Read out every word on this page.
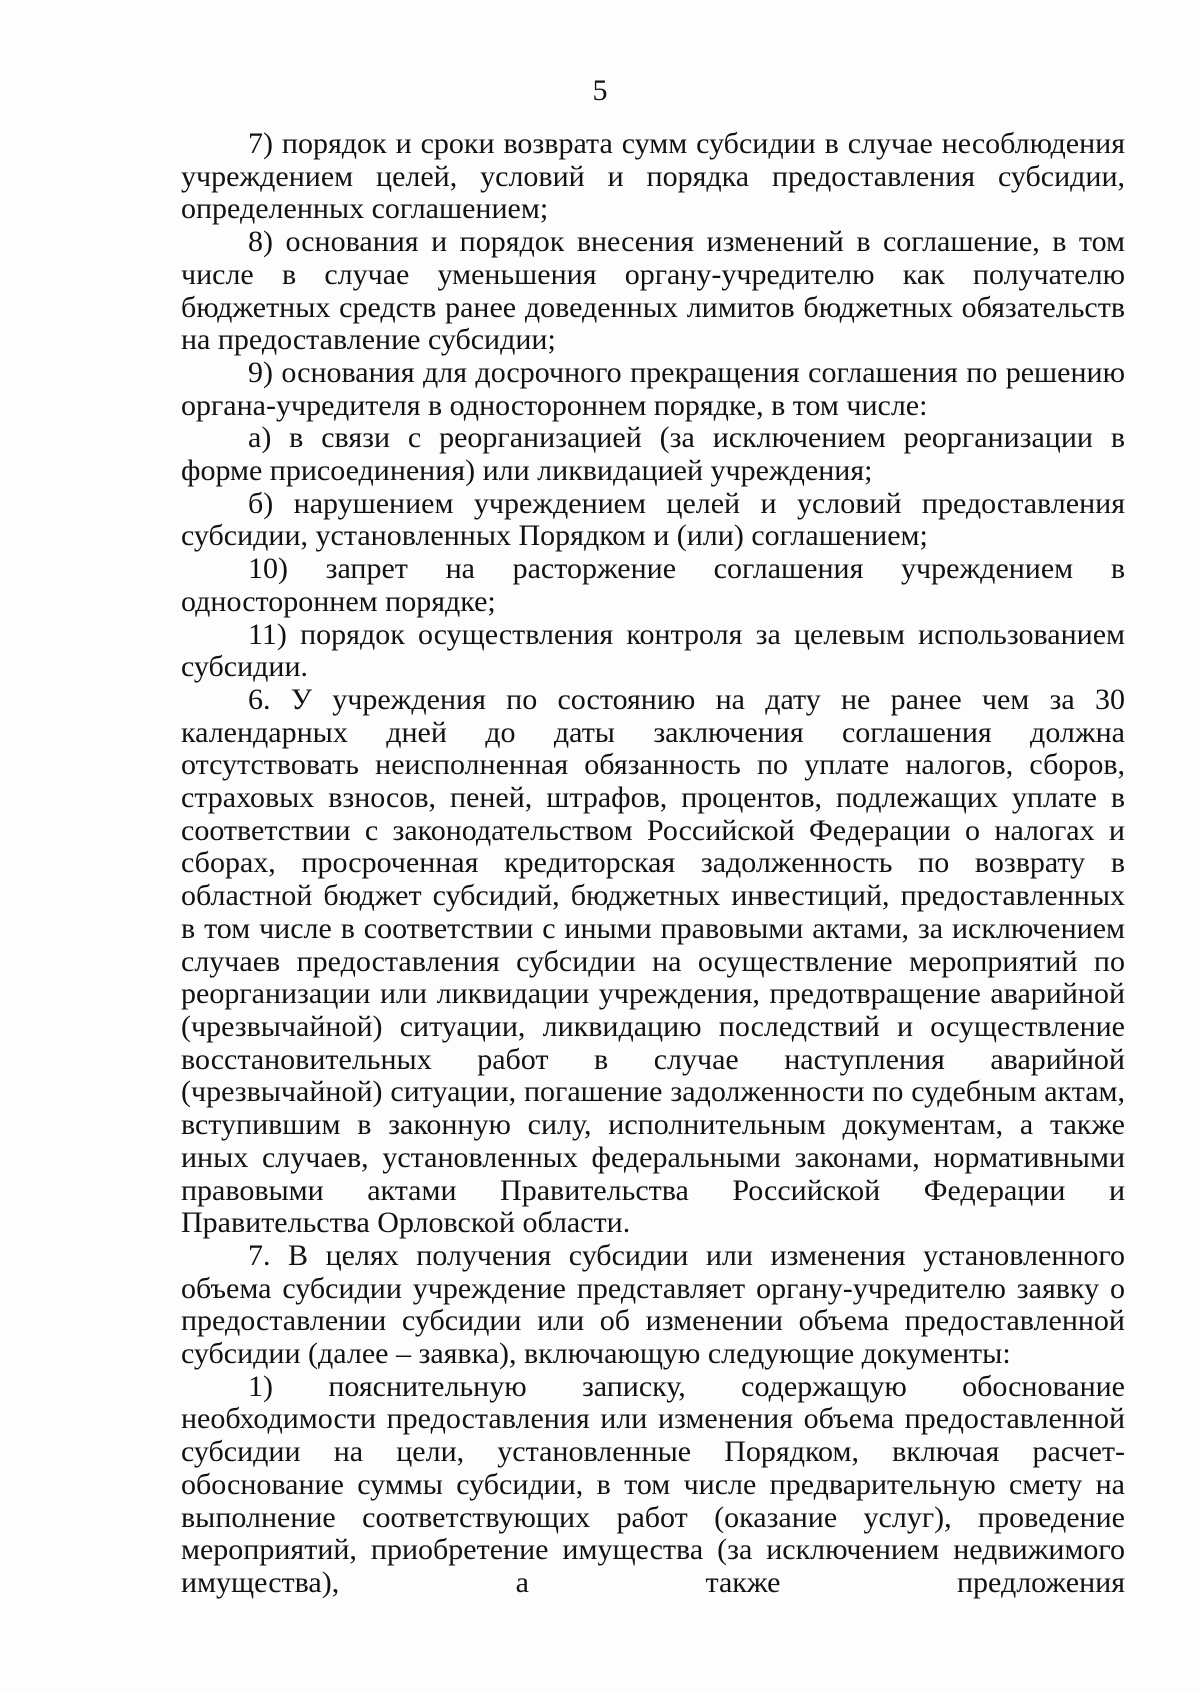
5

7) порядок и сроки возврата сумм субсидии в случае несоблюдения учреждением целей, условий и порядка предоставления субсидии, определенных соглашением;

8) основания и порядок внесения изменений в соглашение, в том числе в случае уменьшения органу-учредителю как получателю бюджетных средств ранее доведенных лимитов бюджетных обязательств на предоставление субсидии;

9) основания для досрочного прекращения соглашения по решению органа-учредителя в одностороннем порядке, в том числе:

а) в связи с реорганизацией (за исключением реорганизации в форме присоединения) или ликвидацией учреждения;

б) нарушением учреждением целей и условий предоставления субсидии, установленных Порядком и (или) соглашением;

10) запрет на расторжение соглашения учреждением в одностороннем порядке;

11) порядок осуществления контроля за целевым использованием субсидии.

6. У учреждения по состоянию на дату не ранее чем за 30 календарных дней до даты заключения соглашения должна отсутствовать неисполненная обязанность по уплате налогов, сборов, страховых взносов, пеней, штрафов, процентов, подлежащих уплате в соответствии с законодательством Российской Федерации о налогах и сборах, просроченная кредиторская задолженность по возврату в областной бюджет субсидий, бюджетных инвестиций, предоставленных в том числе в соответствии с иными правовыми актами, за исключением случаев предоставления субсидии на осуществление мероприятий по реорганизации или ликвидации учреждения, предотвращение аварийной (чрезвычайной) ситуации, ликвидацию последствий и осуществление восстановительных работ в случае наступления аварийной (чрезвычайной) ситуации, погашение задолженности по судебным актам, вступившим в законную силу, исполнительным документам, а также иных случаев, установленных федеральными законами, нормативными правовыми актами Правительства Российской Федерации и Правительства Орловской области.

7. В целях получения субсидии или изменения установленного объема субсидии учреждение представляет органу-учредителю заявку о предоставлении субсидии или об изменении объема предоставленной субсидии (далее – заявка), включающую следующие документы:

1) пояснительную записку, содержащую обоснование необходимости предоставления или изменения объема предоставленной субсидии на цели, установленные Порядком, включая расчет-обоснование суммы субсидии, в том числе предварительную смету на выполнение соответствующих работ (оказание услуг), проведение мероприятий, приобретение имущества (за исключением недвижимого имущества), а также предложения
